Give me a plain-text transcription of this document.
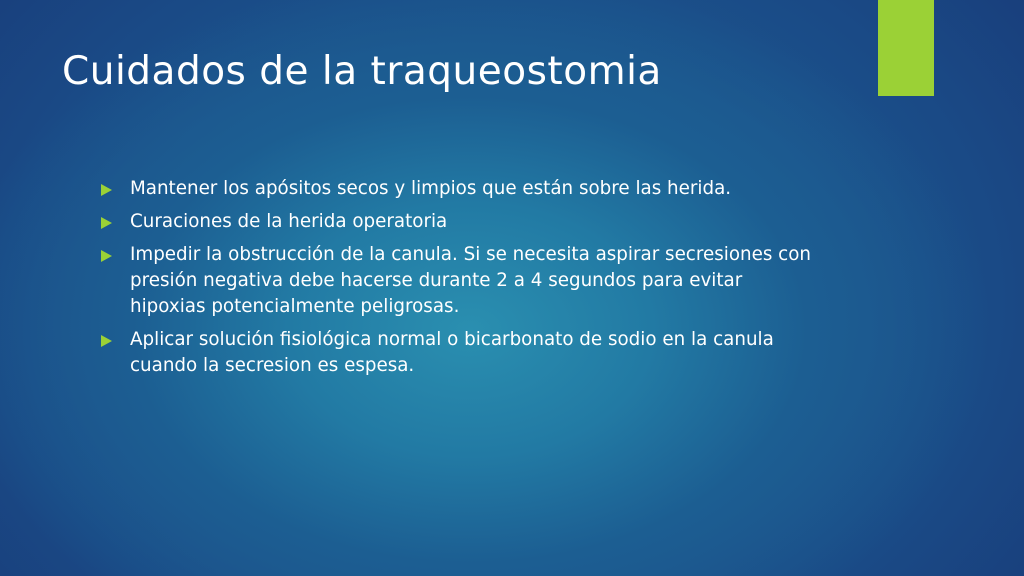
Cuidados de la traqueostomia
Mantener los apósitos secos y limpios que están sobre las herida.
Curaciones de la herida operatoria
Impedir la obstrucción de la canula. Si se necesita aspirar secresiones con presión negativa debe hacerse durante 2 a 4 segundos para evitar hipoxias potencialmente peligrosas.
Aplicar solución fisiológica normal o bicarbonato de sodio en la canula cuando la secresion es espesa.
